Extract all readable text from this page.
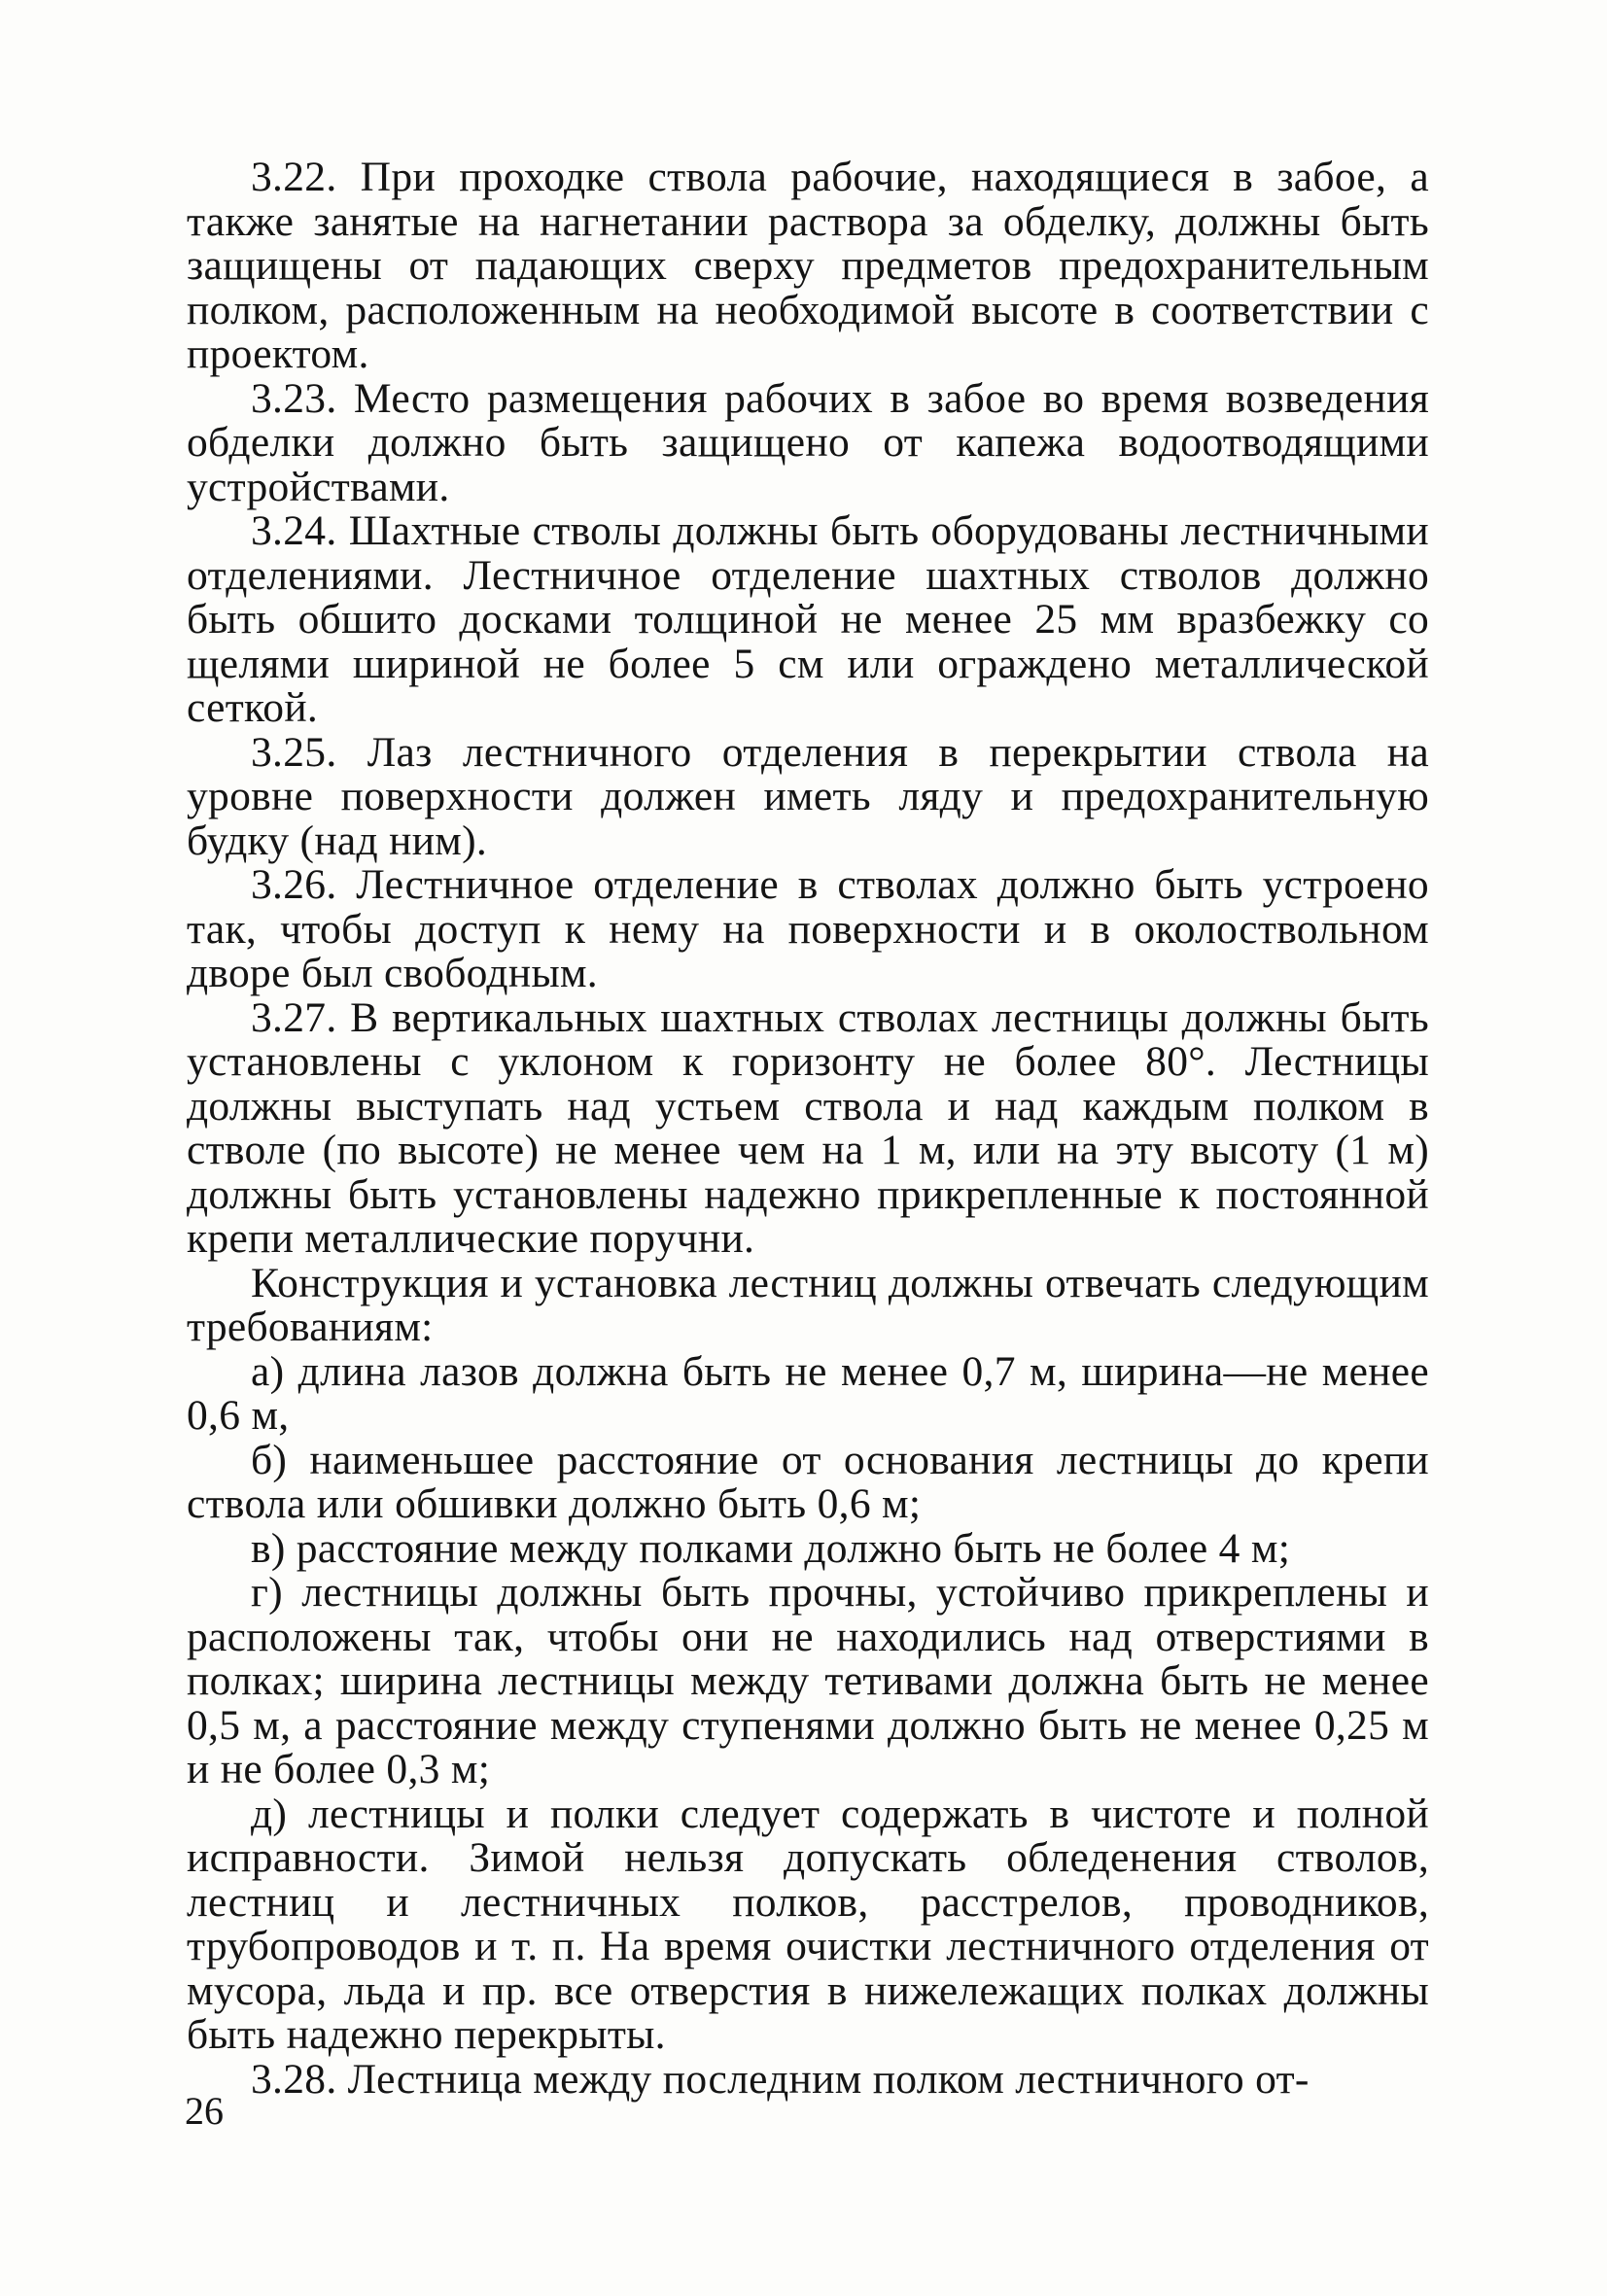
3.22. При проходке ствола рабочие, находящиеся в забое, а также занятые на нагнетании раствора за обделку, должны быть защищены от падающих сверху предметов предохранительным полком, расположенным на необходимой высоте в соответствии с проектом.

3.23. Место размещения рабочих в забое во время возведения обделки должно быть защищено от капежа водоотводящими устройствами.

3.24. Шахтные стволы должны быть оборудованы лестничными отделениями. Лестничное отделение шахтных стволов должно быть обшито досками толщиной не менее 25 мм вразбежку со щелями шириной не более 5 см или ограждено металлической сеткой.

3.25. Лаз лестничного отделения в перекрытии ствола на уровне поверхности должен иметь ляду и предохранительную будку (над ним).

3.26. Лестничное отделение в стволах должно быть устроено так, чтобы доступ к нему на поверхности и в околоствольном дворе был свободным.

3.27. В вертикальных шахтных стволах лестницы должны быть установлены с уклоном к горизонту не более 80°. Лестницы должны выступать над устьем ствола и над каждым полком в стволе (по высоте) не менее чем на 1 м, или на эту высоту (1 м) должны быть установлены надежно прикрепленные к постоянной крепи металлические поручни.

Конструкция и установка лестниц должны отвечать следующим требованиям:

а) длина лазов должна быть не менее 0,7 м, ширина—не менее 0,6 м,

б) наименьшее расстояние от основания лестницы до крепи ствола или обшивки должно быть 0,6 м;

в) расстояние между полками должно быть не более 4 м;

г) лестницы должны быть прочны, устойчиво прикреплены и расположены так, чтобы они не находились над отверстиями в полках; ширина лестницы между тетивами должна быть не менее 0,5 м, а расстояние между ступенями должно быть не менее 0,25 м и не более 0,3 м;

д) лестницы и полки следует содержать в чистоте и полной исправности. Зимой нельзя допускать обледенения стволов, лестниц и лестничных полков, расстрелов, проводников, трубопроводов и т. п. На время очистки лестничного отделения от мусора, льда и пр. все отверстия в нижележащих полках должны быть надежно перекрыты.

3.28. Лестница между последним полком лестничного от-

26
